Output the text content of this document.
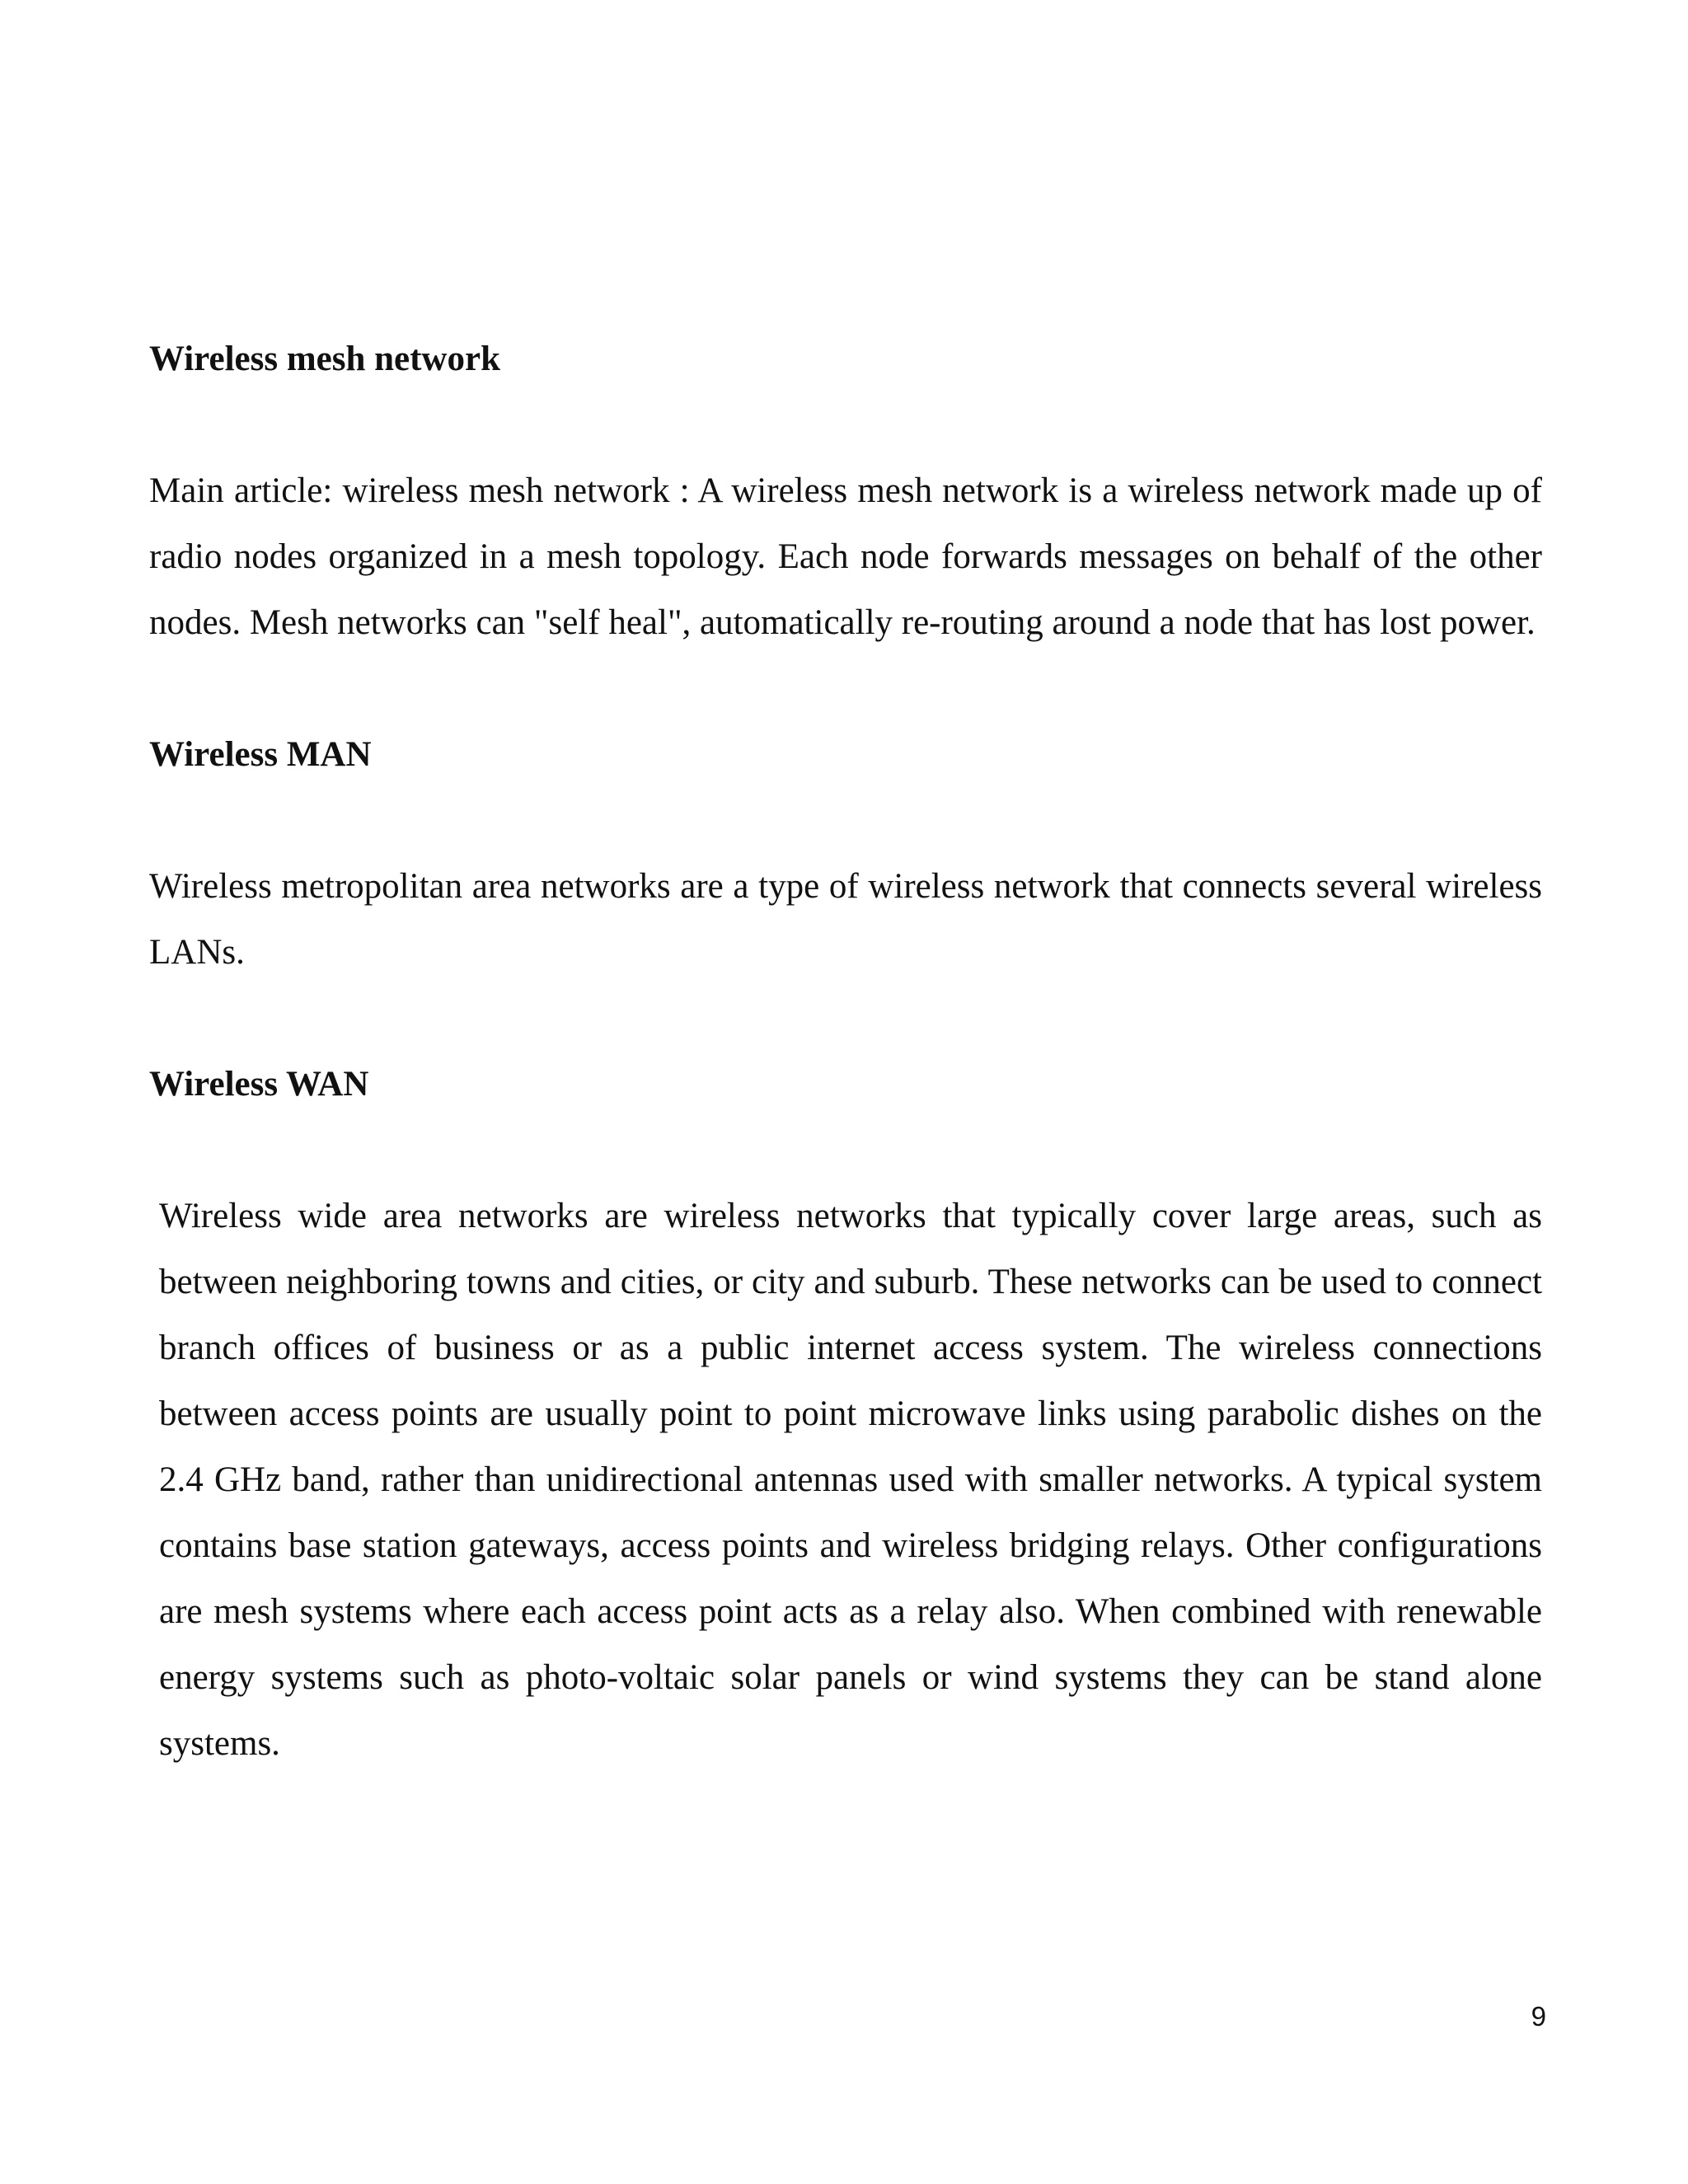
Wireless mesh network

Main article: wireless mesh network : A wireless mesh network is a wireless network made up of radio nodes organized in a mesh topology. Each node forwards messages on behalf of the other nodes. Mesh networks can "self heal", automatically re-routing around a node that has lost power.

Wireless MAN

Wireless metropolitan area networks are a type of wireless network that connects several wireless LANs.

Wireless WAN

Wireless wide area networks are wireless networks that typically cover large areas, such as between neighboring towns and cities, or city and suburb. These networks can be used to connect branch offices of business or as a public internet access system. The wireless connections between access points are usually point to point microwave links using parabolic dishes on the 2.4 GHz band, rather than unidirectional antennas used with smaller networks. A typical system contains base station gateways, access points and wireless bridging relays. Other configurations are mesh systems where each access point acts as a relay also. When combined with renewable energy systems such as photo-voltaic solar panels or wind systems they can be stand alone systems.

9
